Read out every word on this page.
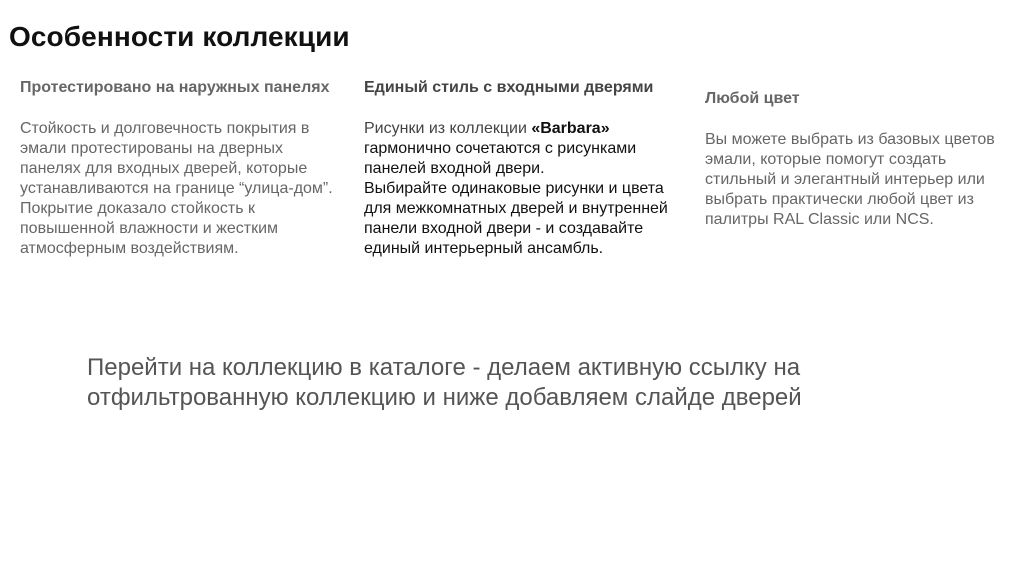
Особенности коллекции
Протестировано на наружных панелях
Стойкость и долговечность покрытия в эмали протестированы на дверных панелях для входных дверей, которые устанавливаются на границе “улица-дом”. Покрытие доказало стойкость к повышенной влажности и жестким атмосферным воздействиям.
Единый стиль с входными дверями
Рисунки из коллекции «Barbara» гармонично сочетаются с рисунками панелей входной двери.
Выбирайте одинаковые рисунки и цвета для межкомнатных дверей и внутренней панели входной двери - и создавайте единый интерьерный ансамбль.
Любой цвет
Вы можете выбрать из базовых цветов эмали, которые помогут создать стильный и элегантный интерьер или выбрать практически любой цвет из палитры RAL Classic или NCS.
Перейти на коллекцию в каталоге - делаем активную ссылку на отфильтрованную коллекцию и ниже добавляем слайде дверей
